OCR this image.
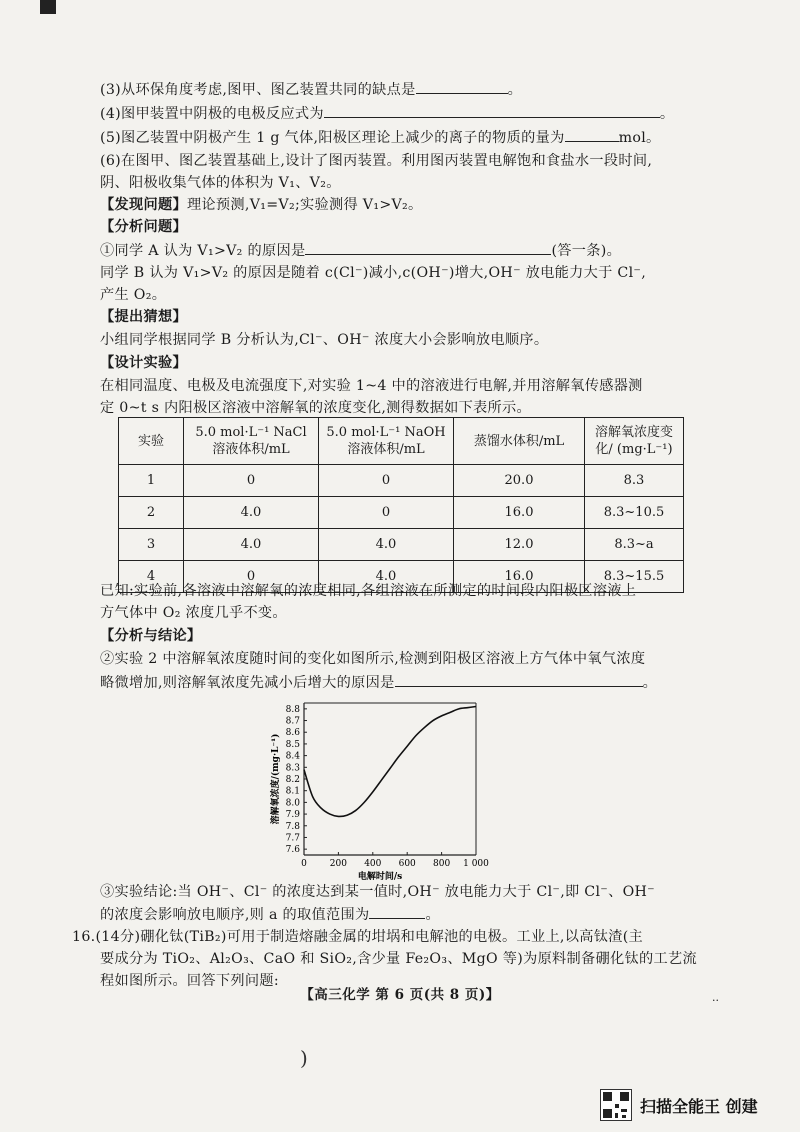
(3)从环保角度考虑,图甲、图乙装置共同的缺点是	。
(4)图甲装置中阴极的电极反应式为	。
(5)图乙装置中阴极产生 1 g 气体,阳极区理论上减少的离子的物质的量为	mol。
(6)在图甲、图乙装置基础上,设计了图丙装置。利用图丙装置电解饱和食盐水一段时间,
阴、阳极收集气体的体积为 V₁、V₂。
【发现问题】理论预测,V₁=V₂;实验测得 V₁>V₂。
【分析问题】
①同学 A 认为 V₁>V₂ 的原因是	(答一条)。
同学 B 认为 V₁>V₂ 的原因是随着 c(Cl⁻)减小,c(OH⁻)增大,OH⁻ 放电能力大于 Cl⁻,
产生 O₂。
【提出猜想】
小组同学根据同学 B 分析认为,Cl⁻、OH⁻ 浓度大小会影响放电顺序。
【设计实验】
在相同温度、电极及电流强度下,对实验 1~4 中的溶液进行电解,并用溶解氧传感器测
定 0~t s 内阳极区溶液中溶解氧的浓度变化,测得数据如下表所示。
实验	5.0 mol·L⁻¹ NaCl 溶液体积/mL	5.0 mol·L⁻¹ NaOH 溶液体积/mL	蒸馏水体积/mL	溶解氧浓度变化/ (mg·L⁻¹)
1	0	0	20.0	8.3
2	4.0	0	16.0	8.3~10.5
3	4.0	4.0	12.0	8.3~a
4	0	4.0	16.0	8.3~15.5
已知:实验前,各溶液中溶解氧的浓度相同,各组溶液在所测定的时间段内阳极区溶液上
方气体中 O₂ 浓度几乎不变。
【分析与结论】
②实验 2 中溶解氧浓度随时间的变化如图所示,检测到阳极区溶液上方气体中氧气浓度
略微增加,则溶解氧浓度先减小后增大的原因是	。
7.6
7.7
7.8
7.9
8.0
8.1
8.2
8.3
8.4
8.5
8.6
8.7
8.8
0	200 400 600 800 1 000
电解时间/s
溶解氧浓度/(mg·L⁻¹)
③实验结论:当 OH⁻、Cl⁻ 的浓度达到某一值时,OH⁻ 放电能力大于 Cl⁻,即 Cl⁻、OH⁻
的浓度会影响放电顺序,则 a 的取值范围为	。
16.(14分)硼化钛(TiB₂)可用于制造熔融金属的坩埚和电解池的电极。工业上,以高钛渣(主
要成分为 TiO₂、Al₂O₃、CaO 和 SiO₂,含少量 Fe₂O₃、MgO 等)为原料制备硼化钛的工艺流
程如图所示。回答下列问题:
【高三化学 第 6 页(共 8 页)】	··
)
扫描全能王 创建
